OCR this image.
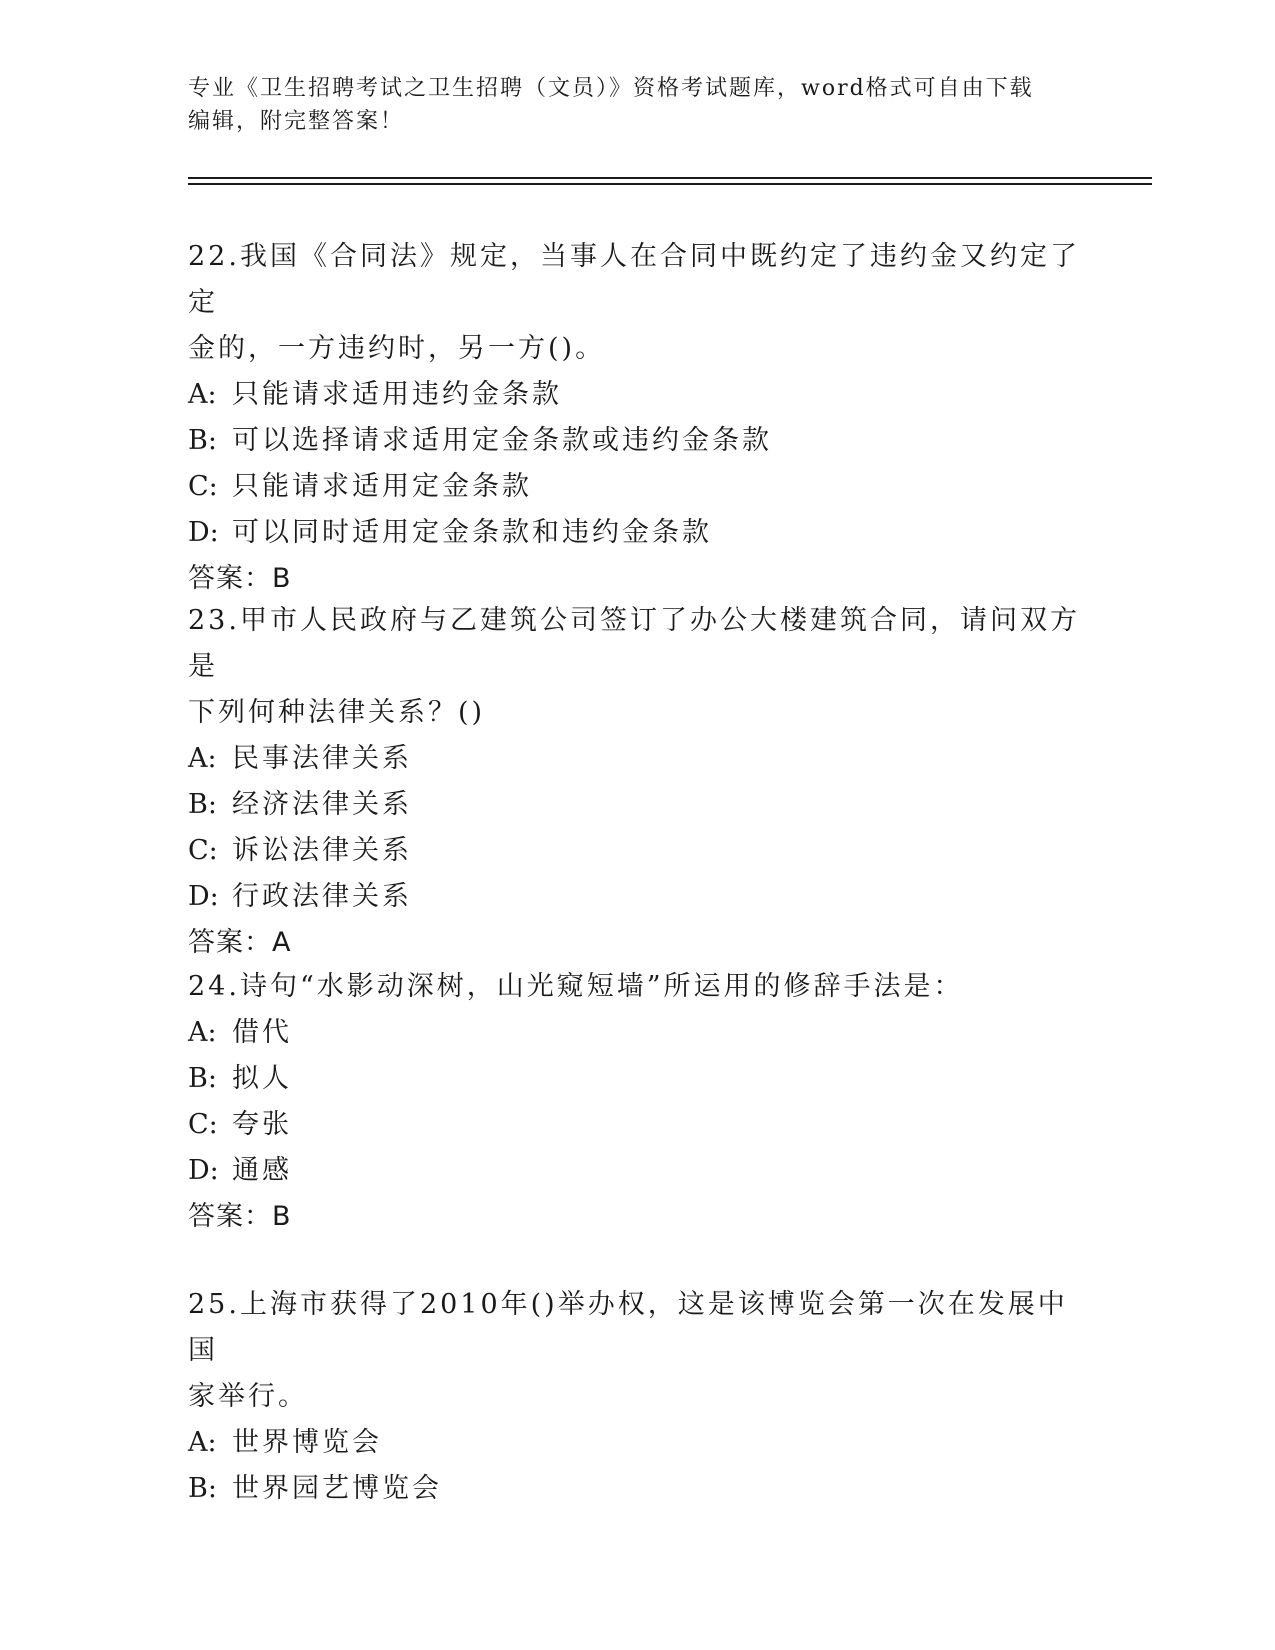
专业《卫生招聘考试之卫生招聘（文员）》资格考试题库，word格式可自由下载
编辑，附完整答案！
22.我国《合同法》规定，当事人在合同中既约定了违约金又约定了定
金的，一方违约时，另一方()。
A: 只能请求适用违约金条款
B: 可以选择请求适用定金条款或违约金条款
C: 只能请求适用定金条款
D: 可以同时适用定金条款和违约金条款
答案：B
23.甲市人民政府与乙建筑公司签订了办公大楼建筑合同，请问双方是
下列何种法律关系？()
A: 民事法律关系
B: 经济法律关系
C: 诉讼法律关系
D: 行政法律关系
答案：A
24.诗句“水影动深树，山光窥短墙”所运用的修辞手法是：
A: 借代
B: 拟人
C: 夸张
D: 通感
答案：B
25.上海市获得了2010年()举办权，这是该博览会第一次在发展中国
家举行。
A: 世界博览会
B: 世界园艺博览会
